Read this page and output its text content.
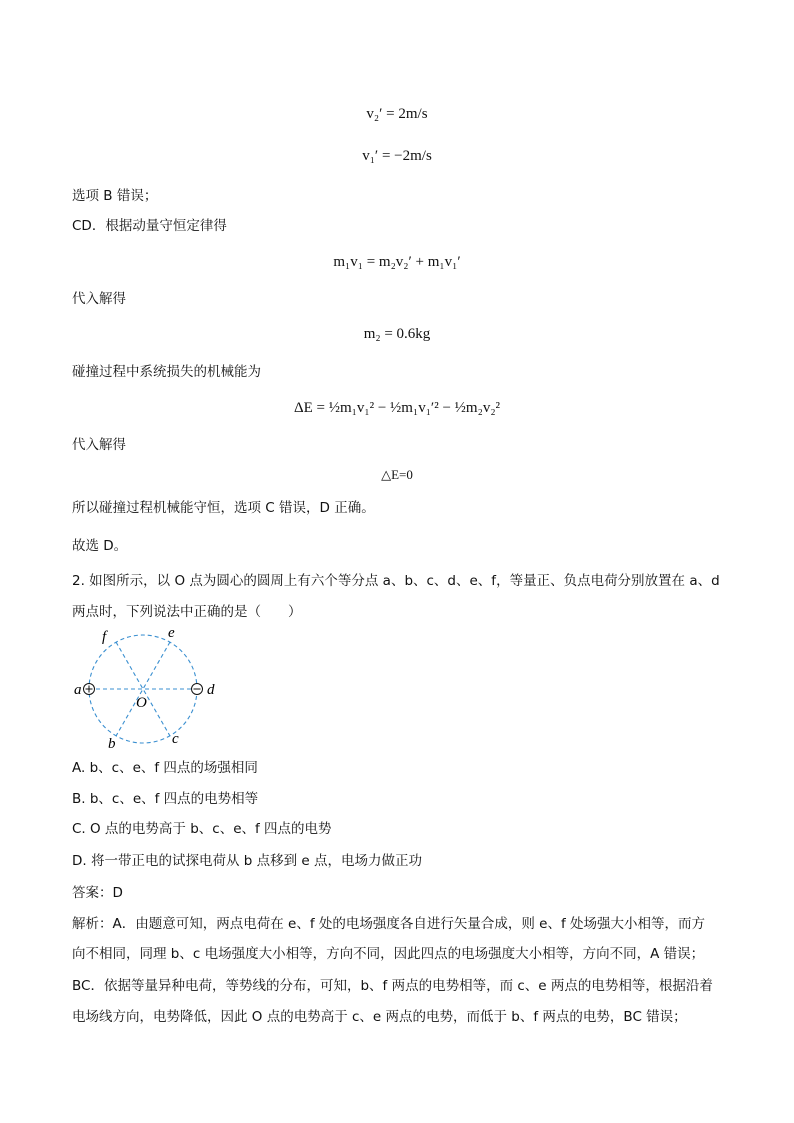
v₂′ = 2m/s
v₁′ = −2m/s
选项 B 错误；
CD．根据动量守恒定律得
m₁v₁ = m₂v₂′ + m₁v₁′
代入解得
m₂ = 0.6kg
碰撞过程中系统损失的机械能为
ΔE = ½m₁v₁² − ½m₁v₁′² − ½m₂v₂²
代入解得
△E=0
所以碰撞过程机械能守恒，选项 C 错误，D 正确。
故选 D。
2. 如图所示，以 O 点为圆心的圆周上有六个等分点 a、b、c、d、e、f，等量正、负点电荷分别放置在 a、d
两点时，下列说法中正确的是（　　）
a	d
f	e
b	c
O
A. b、c、e、f 四点的场强相同
B. b、c、e、f 四点的电势相等
C. O 点的电势高于 b、c、e、f 四点的电势
D. 将一带正电的试探电荷从 b 点移到 e 点，电场力做正功
答案：D
解析：A．由题意可知，两点电荷在 e、f 处的电场强度各自进行矢量合成，则 e、f 处场强大小相等，而方
向不相同，同理 b、c 电场强度大小相等，方向不同，因此四点的电场强度大小相等，方向不同，A 错误；
BC．依据等量异种电荷，等势线的分布，可知，b、f 两点的电势相等，而 c、e 两点的电势相等，根据沿着
电场线方向，电势降低，因此 O 点的电势高于 c、e 两点的电势，而低于 b、f 两点的电势，BC 错误；
